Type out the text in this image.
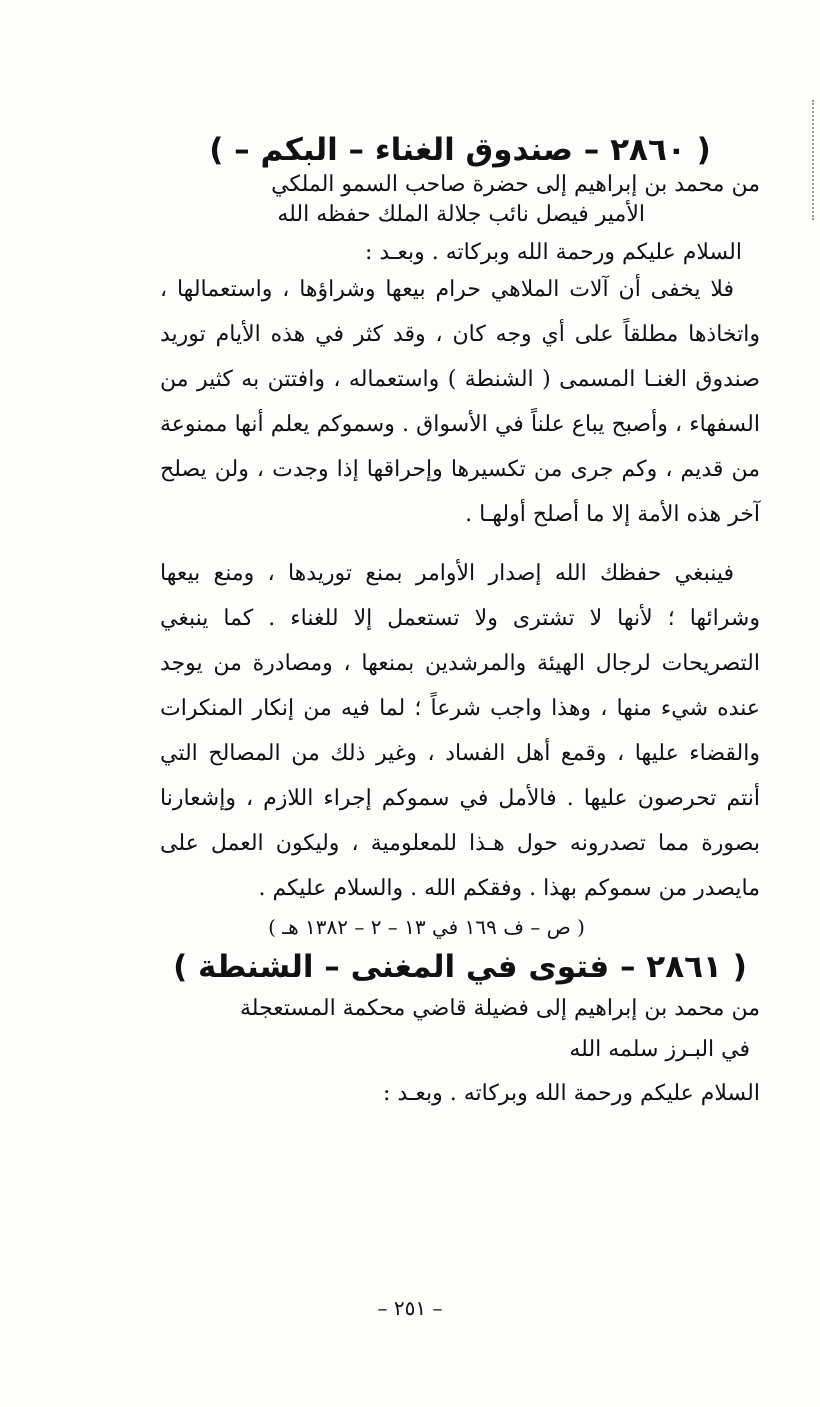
( ٢٨٦٠ – صندوق الغناء – البكم – )

من محمد بن إبراهيم إلى حضرة صاحب السمو الملكي

الأمير فيصل نائب جلالة الملك حفظه الله

السلام عليكم ورحمة الله وبركاته . وبعـد :

فلا يخفى أن آلات الملاهي حرام بيعها وشراؤها ، واستعمالها ، واتخاذها مطلقاً على أي وجه كان ، وقد كثر في هذه الأيام توريد صندوق الغنـا المسمى ( الشنطة ) واستعماله ، وافتتن به كثير من السفهاء ، وأصبح يباع علناً في الأسواق . وسموكم يعلم أنها ممنوعة من قديم ، وكم جرى من تكسيرها وإحراقها إذا وجدت ، ولن يصلح آخر هذه الأمة إلا ما أصلح أولهـا .

فينبغي حفظك الله إصدار الأوامر بمنع توريدها ، ومنع بيعها وشرائها ؛ لأنها لا تشترى ولا تستعمل إلا للغناء . كما ينبغي التصريحات لرجال الهيئة والمرشدين بمنعها ، ومصادرة من يوجد عنده شيء منها ، وهذا واجب شرعاً ؛ لما فيه من إنكار المنكرات والقضاء عليها ، وقمع أهل الفساد ، وغير ذلك من المصالح التي أنتم تحرصون عليها . فالأمل في سموكم إجراء اللازم ، وإشعارنا بصورة مما تصدرونه حول هـذا للمعلومية ، وليكون العمل على مايصدر من سموكم بهذا . وفقكم الله . والسلام عليكم .

( ص – ف ١٦٩ في ١٣ – ٢ – ١٣٨٢ هـ )

( ٢٨٦١ – فتوى في المغنى – الشنطة )

من محمد بن إبراهيم إلى فضيلة قاضي محكمة المستعجلة

في البـرز سلمه الله

السلام عليكم ورحمة الله وبركاته . وبعـد :

– ٢٥١ –
